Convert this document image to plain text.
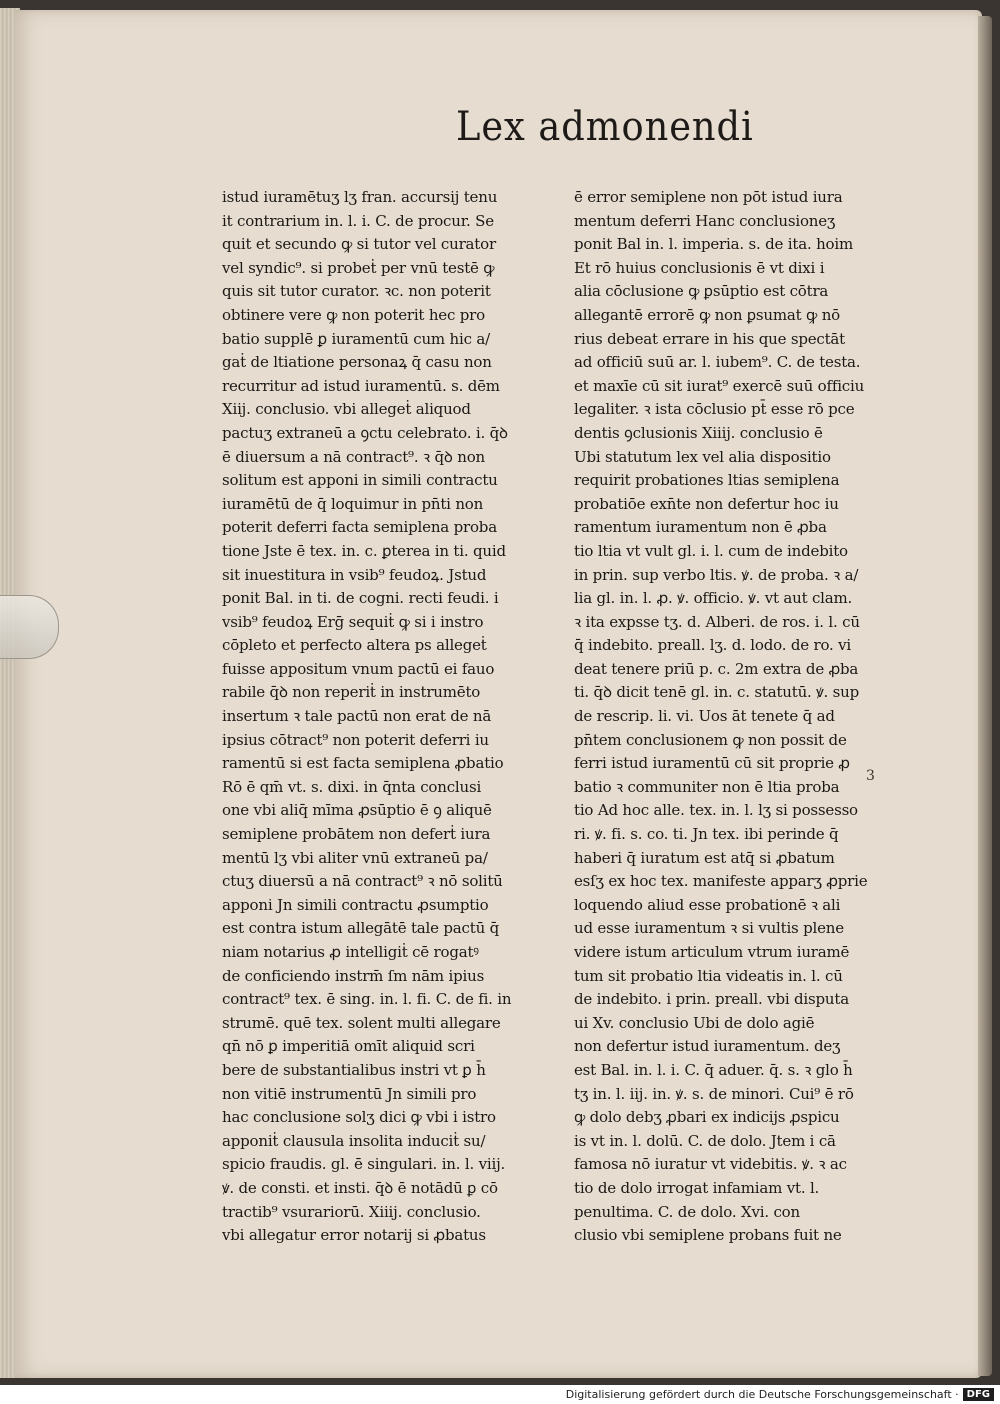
Lex admonendi
istud iuramētuʒ lʒ fran. accursij tenu
it contrarium in. l. i. C. de procur. Se
quit et secundo ꝙ si tutor vel curator
vel syndic⁹. si probeṫ per vnū testē ꝙ
quis sit tutor curator. ꝛc. non poterit
obtinere vere ꝙ non poterit hec pro
batio supplē ꝑ iuramentū cum hic a/
gaṫ de ltiatione personaꝝ q̄ casu non
recurritur ad istud iuramentū. s. dēm
Xiij. conclusio. vbi allegeṫ aliquod
pactuʒ extraneū a ꝯctu celebrato. i. q̄ꝺ
ē diuersum a nā contract⁹. ꝛ q̄ꝺ non
solitum est apponi in simili contractu
iuramētū de q̄ loquimur in pn̄ti non
poterit deferri facta semiplena proba
tione Jste ē tex. in. c. ꝑterea in ti. quid
sit inuestitura in vsib⁹ feudoꝝ. Jstud
ponit Bal. in ti. de cogni. recti feudi. i
vsib⁹ feudoꝝ Erḡ sequiṫ ꝙ si i instro
cōpleto et perfecto altera ps allegeṫ
fuisse appositum vnum pactū ei fauo
rabile q̄ꝺ non reperiṫ in instrumēto
insertum ꝛ tale pactū non erat de nā
ipsius cōtract⁹ non poterit deferri iu
ramentū si est facta semiplena ꝓbatio
Rō ē qm̄ vt. s. dixi. in q̄nta conclusi
one vbi aliq̄ mīma ꝓsūptio ē ꝯ aliquē
semiplene probātem non deferṫ iura
mentū lʒ vbi aliter vnū extraneū pa/
ctuʒ diuersū a nā contract⁹ ꝛ nō solitū
apponi Jn simili contractu ꝓsumptio
est contra istum allegātē tale pactū q̄
niam notarius ꝓ intelligiṫ cē rogatꝰ
de conficiendo instrm̄ ſm nām ipius
contract⁹ tex. ē sing. in. l. fi. C. de fi. in
strumē. quē tex. solent multi allegare
qn̄ nō ꝑ imperitiā omīt aliquid scri
bere de substantialibus instri vt ꝑ h̄
non vitiē instrumentū Jn simili pro
hac conclusione solʒ dici ꝙ vbi i istro
apponiṫ clausula insolita induciṫ su/
spicio fraudis. gl. ē singulari. in. l. viij.
ꝟ. de consti. et insti. q̄ꝺ ē notādū ꝑ cō
tractib⁹ vsurariorū. Xiiij. conclusio.
vbi allegatur error notarij si ꝓbatus
ē error semiplene non pōt istud iura
mentum deferri Hanc conclusioneʒ
ponit Bal in. l. imperia. s. de ita. hoim
Et rō huius conclusionis ē vt dixi i
alia cōclusione ꝙ ꝑsūptio est cōtra
allegantē errorē ꝙ non ꝑsumat ꝙ nō
rius debeat errare in his que spectāt
ad officiū suū ar. l. iubem⁹. C. de testa.
et maxīe cū sit iurat⁹ exercē suū officiu
legaliter. ꝛ ista cōclusio pt̄ esse rō pce
dentis ꝯclusionis Xiiij. conclusio ē
Ubi statutum lex vel alia dispositio
requirit probationes ltias semiplena
probatiōe exn̄te non defertur hoc iu
ramentum iuramentum non ē ꝓba
tio ltia vt vult gl. i. l. cum de indebito
in prin. sup verbo ltis. ꝟ. de proba. ꝛ a/
lia gl. in. l. ꝓ. ꝟ. officio. ꝟ. vt aut clam.
ꝛ ita expsse tʒ. d. Alberi. de ros. i. l. cū
q̄ indebito. preall. lʒ. d. lodo. de ro. vi
deat tenere priū p. c. 2m extra de ꝓba
ti. q̄ꝺ dicit tenē gl. in. c. statutū. ꝟ. sup
de rescrip. li. vi. Uos āt tenete q̄ ad
pn̄tem conclusionem ꝙ non possit de
ferri istud iuramentū cū sit proprie ꝓ
batio ꝛ communiter non ē ltia proba
tio Ad hoc alle. tex. in. l. lʒ si possesso
ri. ꝟ. fi. s. co. ti. Jn tex. ibi perinde q̄
haberi q̄ iuratum est atq̄ si ꝓbatum
esſʒ ex hoc tex. manifeste apparʒ ꝓprie
loquendo aliud esse probationē ꝛ ali
ud esse iuramentum ꝛ si vultis plene
videre istum articulum vtrum iuramē
tum sit probatio ltia videatis in. l. cū
de indebito. i prin. preall. vbi disputa
ui Xv. conclusio Ubi de dolo agiē
non defertur istud iuramentum. deʒ
est Bal. in. l. i. C. q̄ aduer. q̄. s. ꝛ glo h̄
tʒ in. l. iij. in. ꝟ. s. de minori. Cui⁹ ē rō
ꝙ dolo debʒ ꝓbari ex indicijs ꝓspicu
is vt in. l. dolū. C. de dolo. Jtem i cā
famosa nō iuratur vt videbitis. ꝟ. ꝛ ac
tio de dolo irrogat infamiam vt. l.
penultima. C. de dolo. Xvi. con
clusio vbi semiplene probans fuit ne
3
Digitalisierung gefördert durch die Deutsche Forschungsgemeinschaft · DFG
